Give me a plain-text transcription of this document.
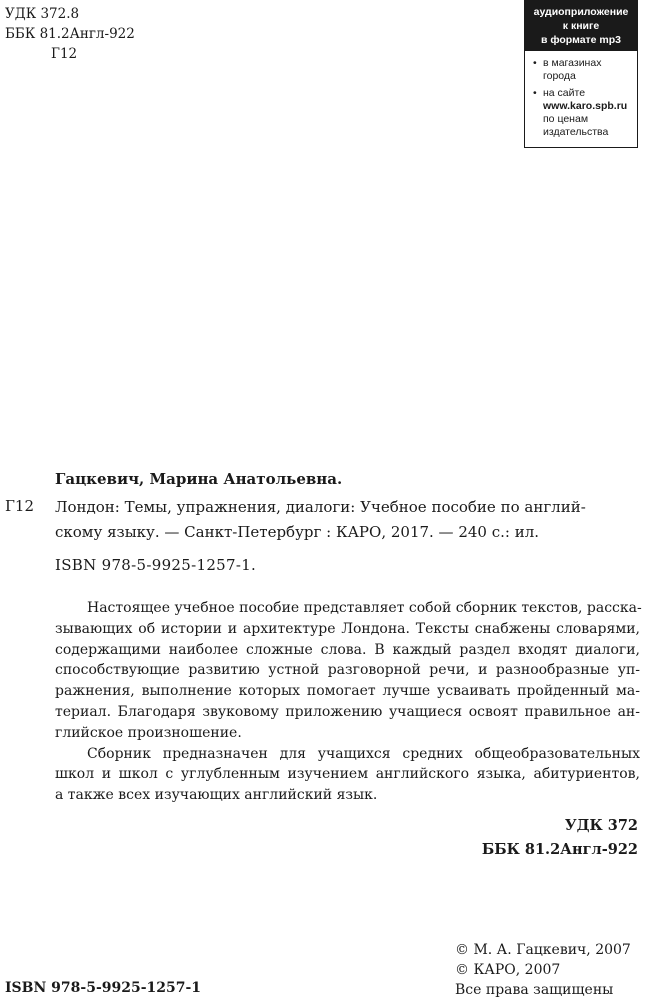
УДК 372.8
ББК 81.2Англ-922
Г12
аудиоприложение
к книге
в формате mp3
• в магазинах
города
• на сайте
www.karo.spb.ru
по ценам
издательства
Гацкевич, Марина Анатольевна.
Г12 Лондон: Темы, упражнения, диалоги: Учебное пособие по англий-
скому языку. — Санкт-Петербург : КАРО, 2017. — 240 с.: ил.
ISBN 978-5-9925-1257-1.
Настоящее учебное пособие представляет собой сборник текстов, расска-
зывающих об истории и архитектуре Лондона. Тексты снабжены словарями,
содержащими наиболее сложные слова. В каждый раздел входят диалоги,
способствующие развитию устной разговорной речи, и разнообразные уп-
ражнения, выполнение которых помогает лучше усваивать пройденный ма-
териал. Благодаря звуковому приложению учащиеся освоят правильное ан-
глийское произношение.
Сборник предназначен для учащихся средних общеобразовательных
школ и школ с углубленным изучением английского языка, абитуриентов,
а также всех изучающих английский язык.
УДК 372
ББК 81.2Англ-922
ISBN 978-5-9925-1257-1
© М. А. Гацкевич, 2007
© КАРО, 2007
Все права защищены
